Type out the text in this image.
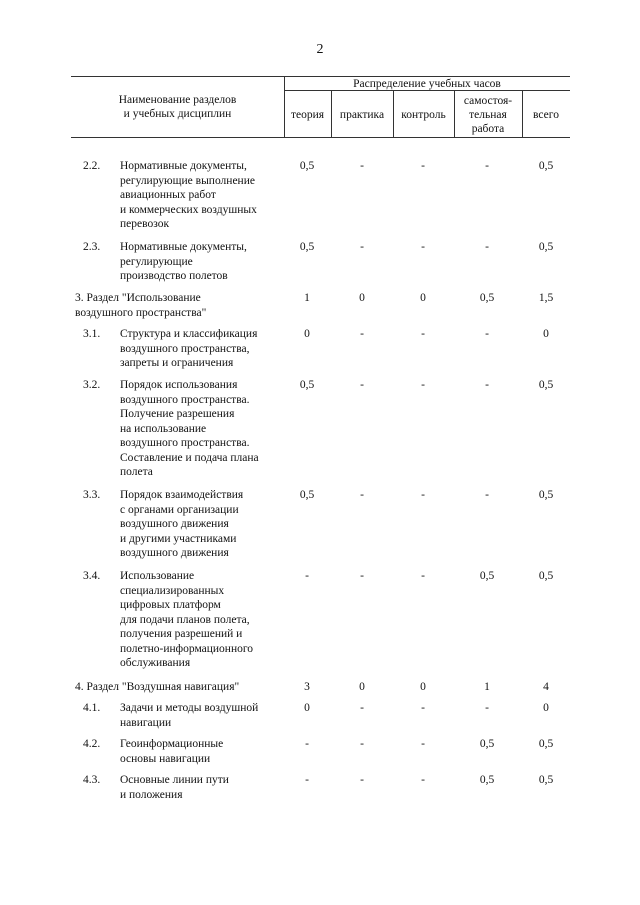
2
Наименование разделов
и учебных дисциплин
Распределение учебных часов
теория	практика	контроль
самостоя-
тельная
работа
всего
2.2. Нормативные документы,
регулирующие выполнение
авиационных работ
и коммерческих воздушных
перевозок
0,5	-	-	-	0,5
2.3. Нормативные документы,
регулирующие
производство полетов
0,5	-	-	-	0,5
3. Раздел "Использование
воздушного пространства"
1	0	0	0,5	1,5
3.1. Структура и классификация
воздушного пространства,
запреты и ограничения
0	-	-	-	0
3.2. Порядок использования
воздушного пространства.
Получение разрешения
на использование
воздушного пространства.
Составление и подача плана
полета
0,5	-	-	-	0,5
3.3. Порядок взаимодействия
с органами организации
воздушного движения
и другими участниками
воздушного движения
0,5	-	-	-	0,5
3.4. Использование
специализированных
цифровых платформ
для подачи планов полета,
получения разрешений и
полетно-информационного
обслуживания
-	-	-	0,5	0,5
4. Раздел "Воздушная навигация"	3	0	0	1	4
4.1. Задачи и методы воздушной
навигации
0	-	-	-	0
4.2. Геоинформационные
основы навигации
-	-	-	0,5	0,5
4.3. Основные линии пути
и положения
-	-	-	0,5	0,5
